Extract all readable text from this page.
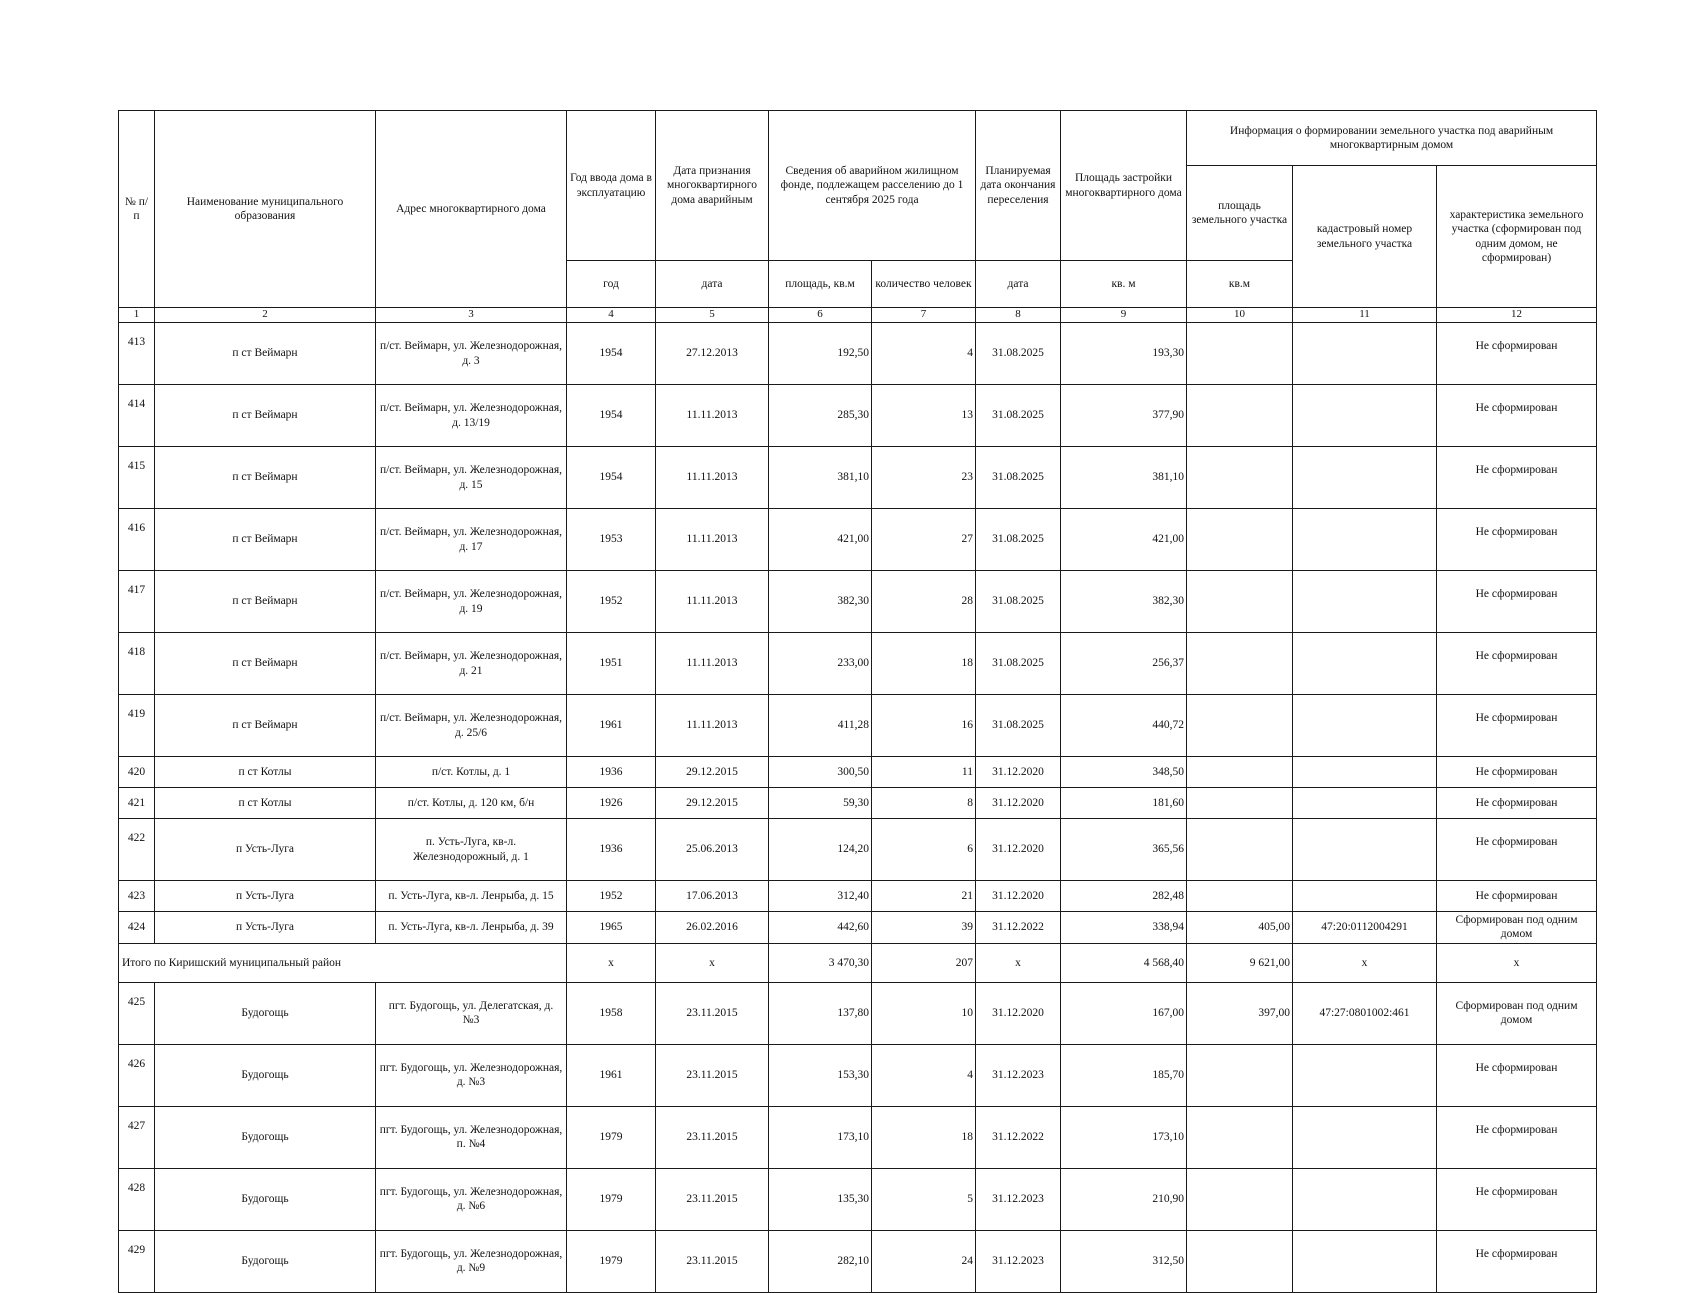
№ п/п	Наименование муниципального образования	Адрес многоквартирного дома	Год ввода дома в эксплуатацию	Дата признания многоквартирного дома аварийным	Сведения об аварийном жилищном фонде, подлежащем расселению до 1 сентября 2025 года		Планируемая дата окончания переселения	Площадь застройки многоквартирного дома	Информация о формировании земельного участка под аварийным многоквартирным домом		
									площадь земельного участка	кадастровый номер земельного участка	характеристика земельного участка (сформирован под одним домом, не сформирован)
			год	дата	площадь, кв.м	количество человек	дата	кв. м	кв.м		
1	2	3	4	5	6	7	8	9	10	11	12
413	п ст Веймарн	п/ст. Веймарн, ул. Железнодорожная, д. 3	1954	27.12.2013	192,50	4	31.08.2025	193,30			Не сформирован
414	п ст Веймарн	п/ст. Веймарн, ул. Железнодорожная, д. 13/19	1954	11.11.2013	285,30	13	31.08.2025	377,90			Не сформирован
415	п ст Веймарн	п/ст. Веймарн, ул. Железнодорожная, д. 15	1954	11.11.2013	381,10	23	31.08.2025	381,10			Не сформирован
416	п ст Веймарн	п/ст. Веймарн, ул. Железнодорожная, д. 17	1953	11.11.2013	421,00	27	31.08.2025	421,00			Не сформирован
417	п ст Веймарн	п/ст. Веймарн, ул. Железнодорожная, д. 19	1952	11.11.2013	382,30	28	31.08.2025	382,30			Не сформирован
418	п ст Веймарн	п/ст. Веймарн, ул. Железнодорожная, д. 21	1951	11.11.2013	233,00	18	31.08.2025	256,37			Не сформирован
419	п ст Веймарн	п/ст. Веймарн, ул. Железнодорожная, д. 25/6	1961	11.11.2013	411,28	16	31.08.2025	440,72			Не сформирован
420	п ст Котлы	п/ст. Котлы, д. 1	1936	29.12.2015	300,50	11	31.12.2020	348,50			Не сформирован
421	п ст Котлы	п/ст. Котлы, д. 120 км, б/н	1926	29.12.2015	59,30	8	31.12.2020	181,60			Не сформирован
422	п Усть-Луга	п. Усть-Луга, кв-л. Железнодорожный, д. 1	1936	25.06.2013	124,20	6	31.12.2020	365,56			Не сформирован
423	п Усть-Луга	п. Усть-Луга, кв-л. Ленрыба, д. 15	1952	17.06.2013	312,40	21	31.12.2020	282,48			Не сформирован
424	п Усть-Луга	п. Усть-Луга, кв-л. Ленрыба, д. 39	1965	26.02.2016	442,60	39	31.12.2022	338,94	405,00	47:20:0112004291	Сформирован под одним домом
Итого по Киришский муниципальный район			х	х	3 470,30	207	х	4 568,40	9 621,00	х	х
425	Будогощь	пгт. Будогощь, ул. Делегатская, д. №3	1958	23.11.2015	137,80	10	31.12.2020	167,00	397,00	47:27:0801002:461	Сформирован под одним домом
426	Будогощь	пгт. Будогощь, ул. Железнодорожная, д. №3	1961	23.11.2015	153,30	4	31.12.2023	185,70			Не сформирован
427	Будогощь	пгт. Будогощь, ул. Железнодорожная, п. №4	1979	23.11.2015	173,10	18	31.12.2022	173,10			Не сформирован
428	Будогощь	пгт. Будогощь, ул. Железнодорожная, д. №6	1979	23.11.2015	135,30	5	31.12.2023	210,90			Не сформирован
429	Будогощь	пгт. Будогощь, ул. Железнодорожная, д. №9	1979	23.11.2015	282,10	24	31.12.2023	312,50			Не сформирован
